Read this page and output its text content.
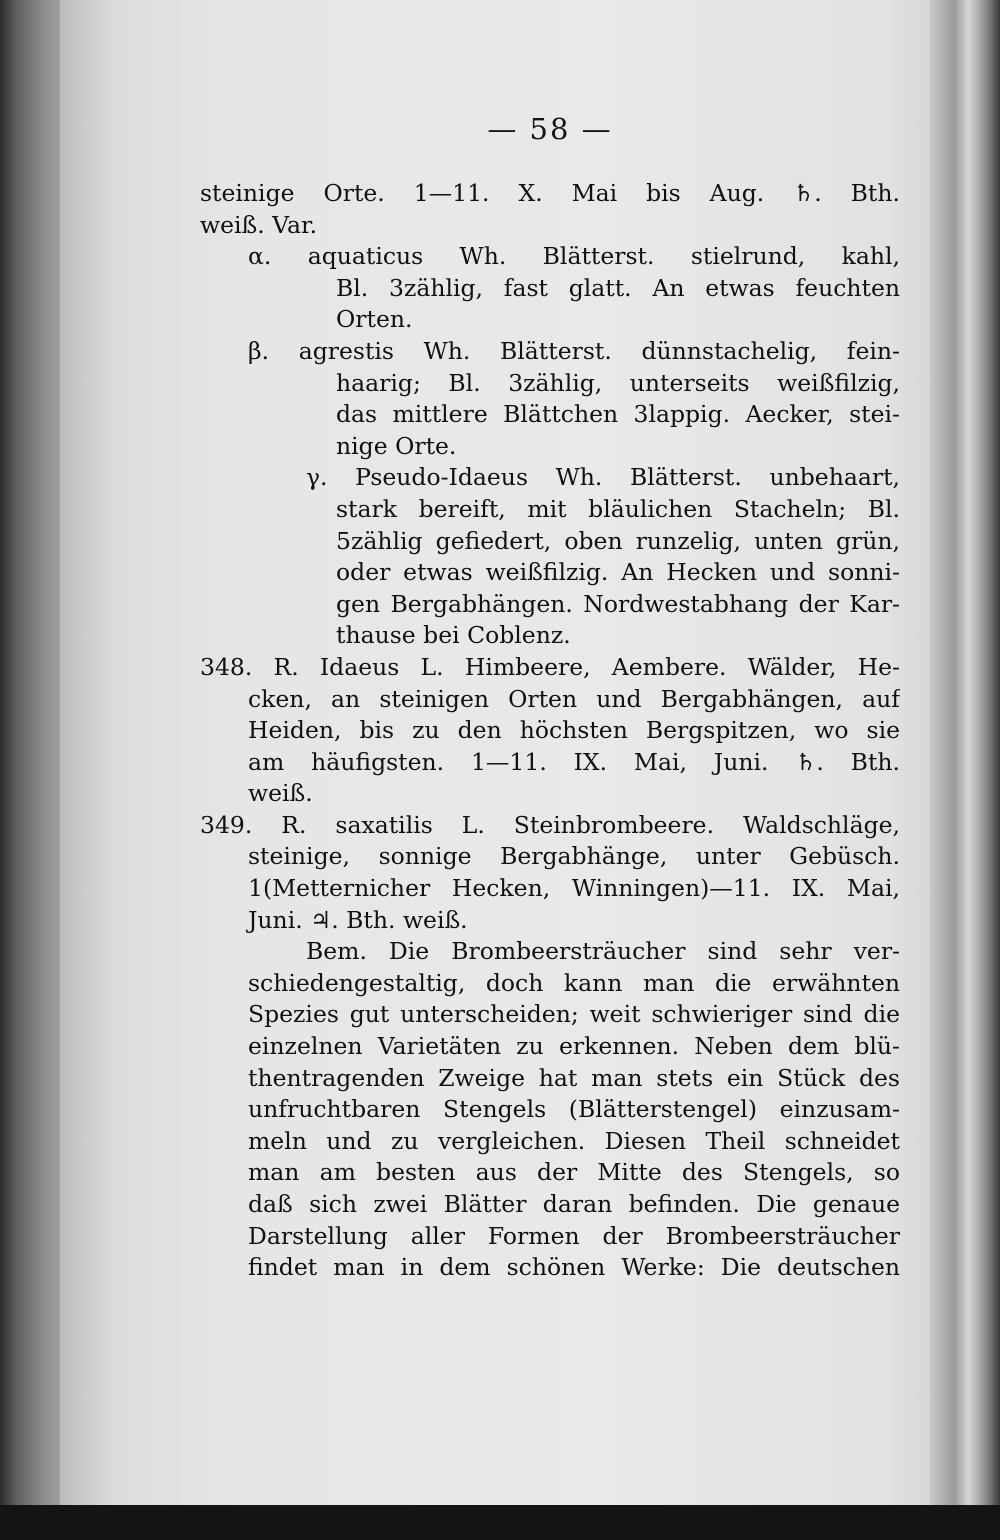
— 58 —
steinige Orte. 1—11. X. Mai bis Aug. ♄. Bth.
weiß. Var.
α. aquaticus Wh. Blätterst. stielrund, kahl,
Bl. 3zählig, fast glatt. An etwas feuchten
Orten.
β. agrestis Wh. Blätterst. dünnstachelig, fein-
haarig; Bl. 3zählig, unterseits weißfilzig,
das mittlere Blättchen 3lappig. Aecker, stei-
nige Orte.
γ. Pseudo-Idaeus Wh. Blätterst. unbehaart,
stark bereift, mit bläulichen Stacheln; Bl.
5zählig gefiedert, oben runzelig, unten grün,
oder etwas weißfilzig. An Hecken und sonni-
gen Bergabhängen. Nordwestabhang der Kar-
thause bei Coblenz.
348. R. Idaeus L. Himbeere, Aembere. Wälder, He-
cken, an steinigen Orten und Bergabhängen, auf
Heiden, bis zu den höchsten Bergspitzen, wo sie
am häufigsten. 1—11. IX. Mai, Juni. ♄. Bth.
weiß.
349. R. saxatilis L. Steinbrombeere. Waldschläge,
steinige, sonnige Bergabhänge, unter Gebüsch.
1(Metternicher Hecken, Winningen)—11. IX. Mai,
Juni. ♃. Bth. weiß.
Bem. Die Brombeersträucher sind sehr ver-
schiedengestaltig, doch kann man die erwähnten
Spezies gut unterscheiden; weit schwieriger sind die
einzelnen Varietäten zu erkennen. Neben dem blü-
thentragenden Zweige hat man stets ein Stück des
unfruchtbaren Stengels (Blätterstengel) einzusam-
meln und zu vergleichen. Diesen Theil schneidet
man am besten aus der Mitte des Stengels, so
daß sich zwei Blätter daran befinden. Die genaue
Darstellung aller Formen der Brombeersträucher
findet man in dem schönen Werke: Die deutschen
